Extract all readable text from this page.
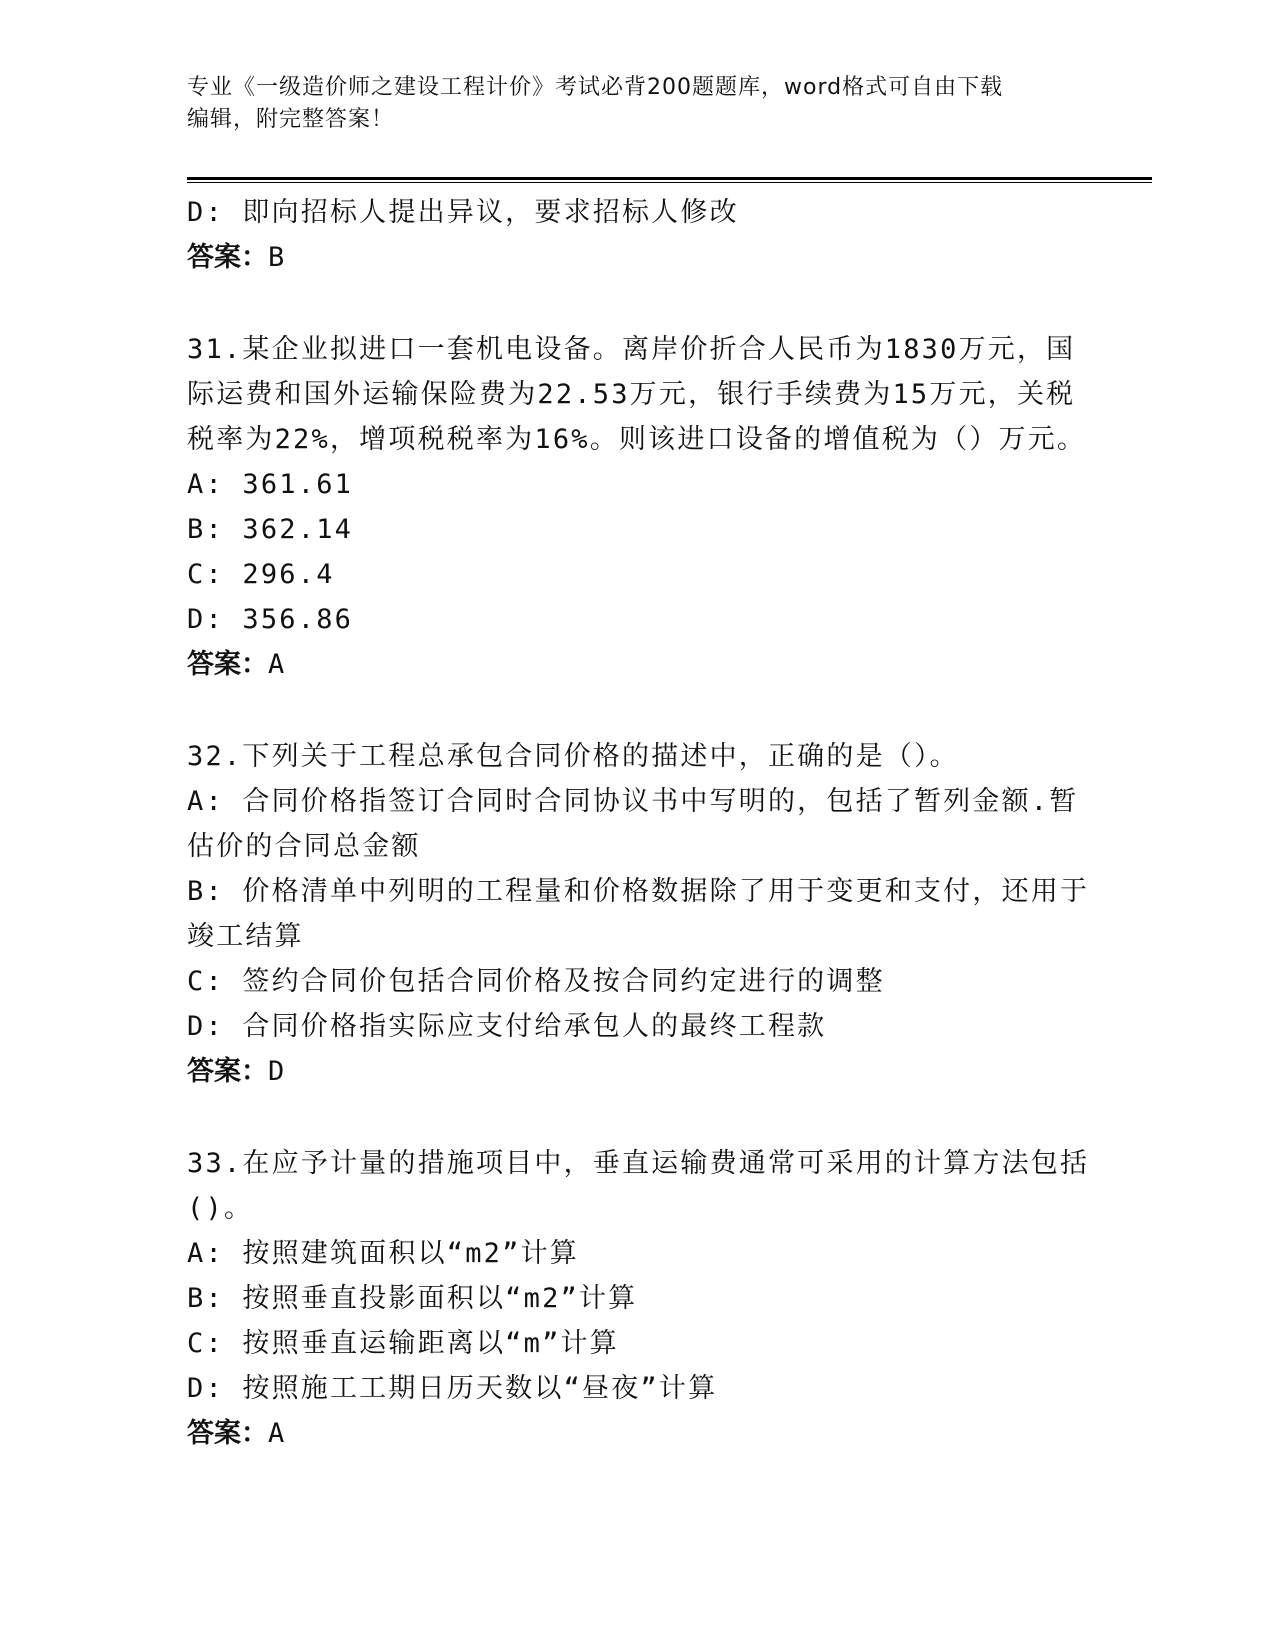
专业《一级造价师之建设工程计价》考试必背200题题库，word格式可自由下载
编辑，附完整答案！
D: 即向招标人提出异议，要求招标人修改
答案：B
31.某企业拟进口一套机电设备。离岸价折合人民币为1830万元，国
际运费和国外运输保险费为22.53万元，银行手续费为15万元，关税
税率为22%，增项税税率为16%。则该进口设备的增值税为（）万元。
A: 361.61
B: 362.14
C: 296.4
D: 356.86
答案：A
32.下列关于工程总承包合同价格的描述中，正确的是（）。
A: 合同价格指签订合同时合同协议书中写明的，包括了暂列金额.暂
估价的合同总金额
B: 价格清单中列明的工程量和价格数据除了用于变更和支付，还用于
竣工结算
C: 签约合同价包括合同价格及按合同约定进行的调整
D: 合同价格指实际应支付给承包人的最终工程款
答案：D
33.在应予计量的措施项目中，垂直运输费通常可采用的计算方法包括
()。
A: 按照建筑面积以“m2”计算
B: 按照垂直投影面积以“m2”计算
C: 按照垂直运输距离以“m”计算
D: 按照施工工期日历天数以“昼夜”计算
答案：A
